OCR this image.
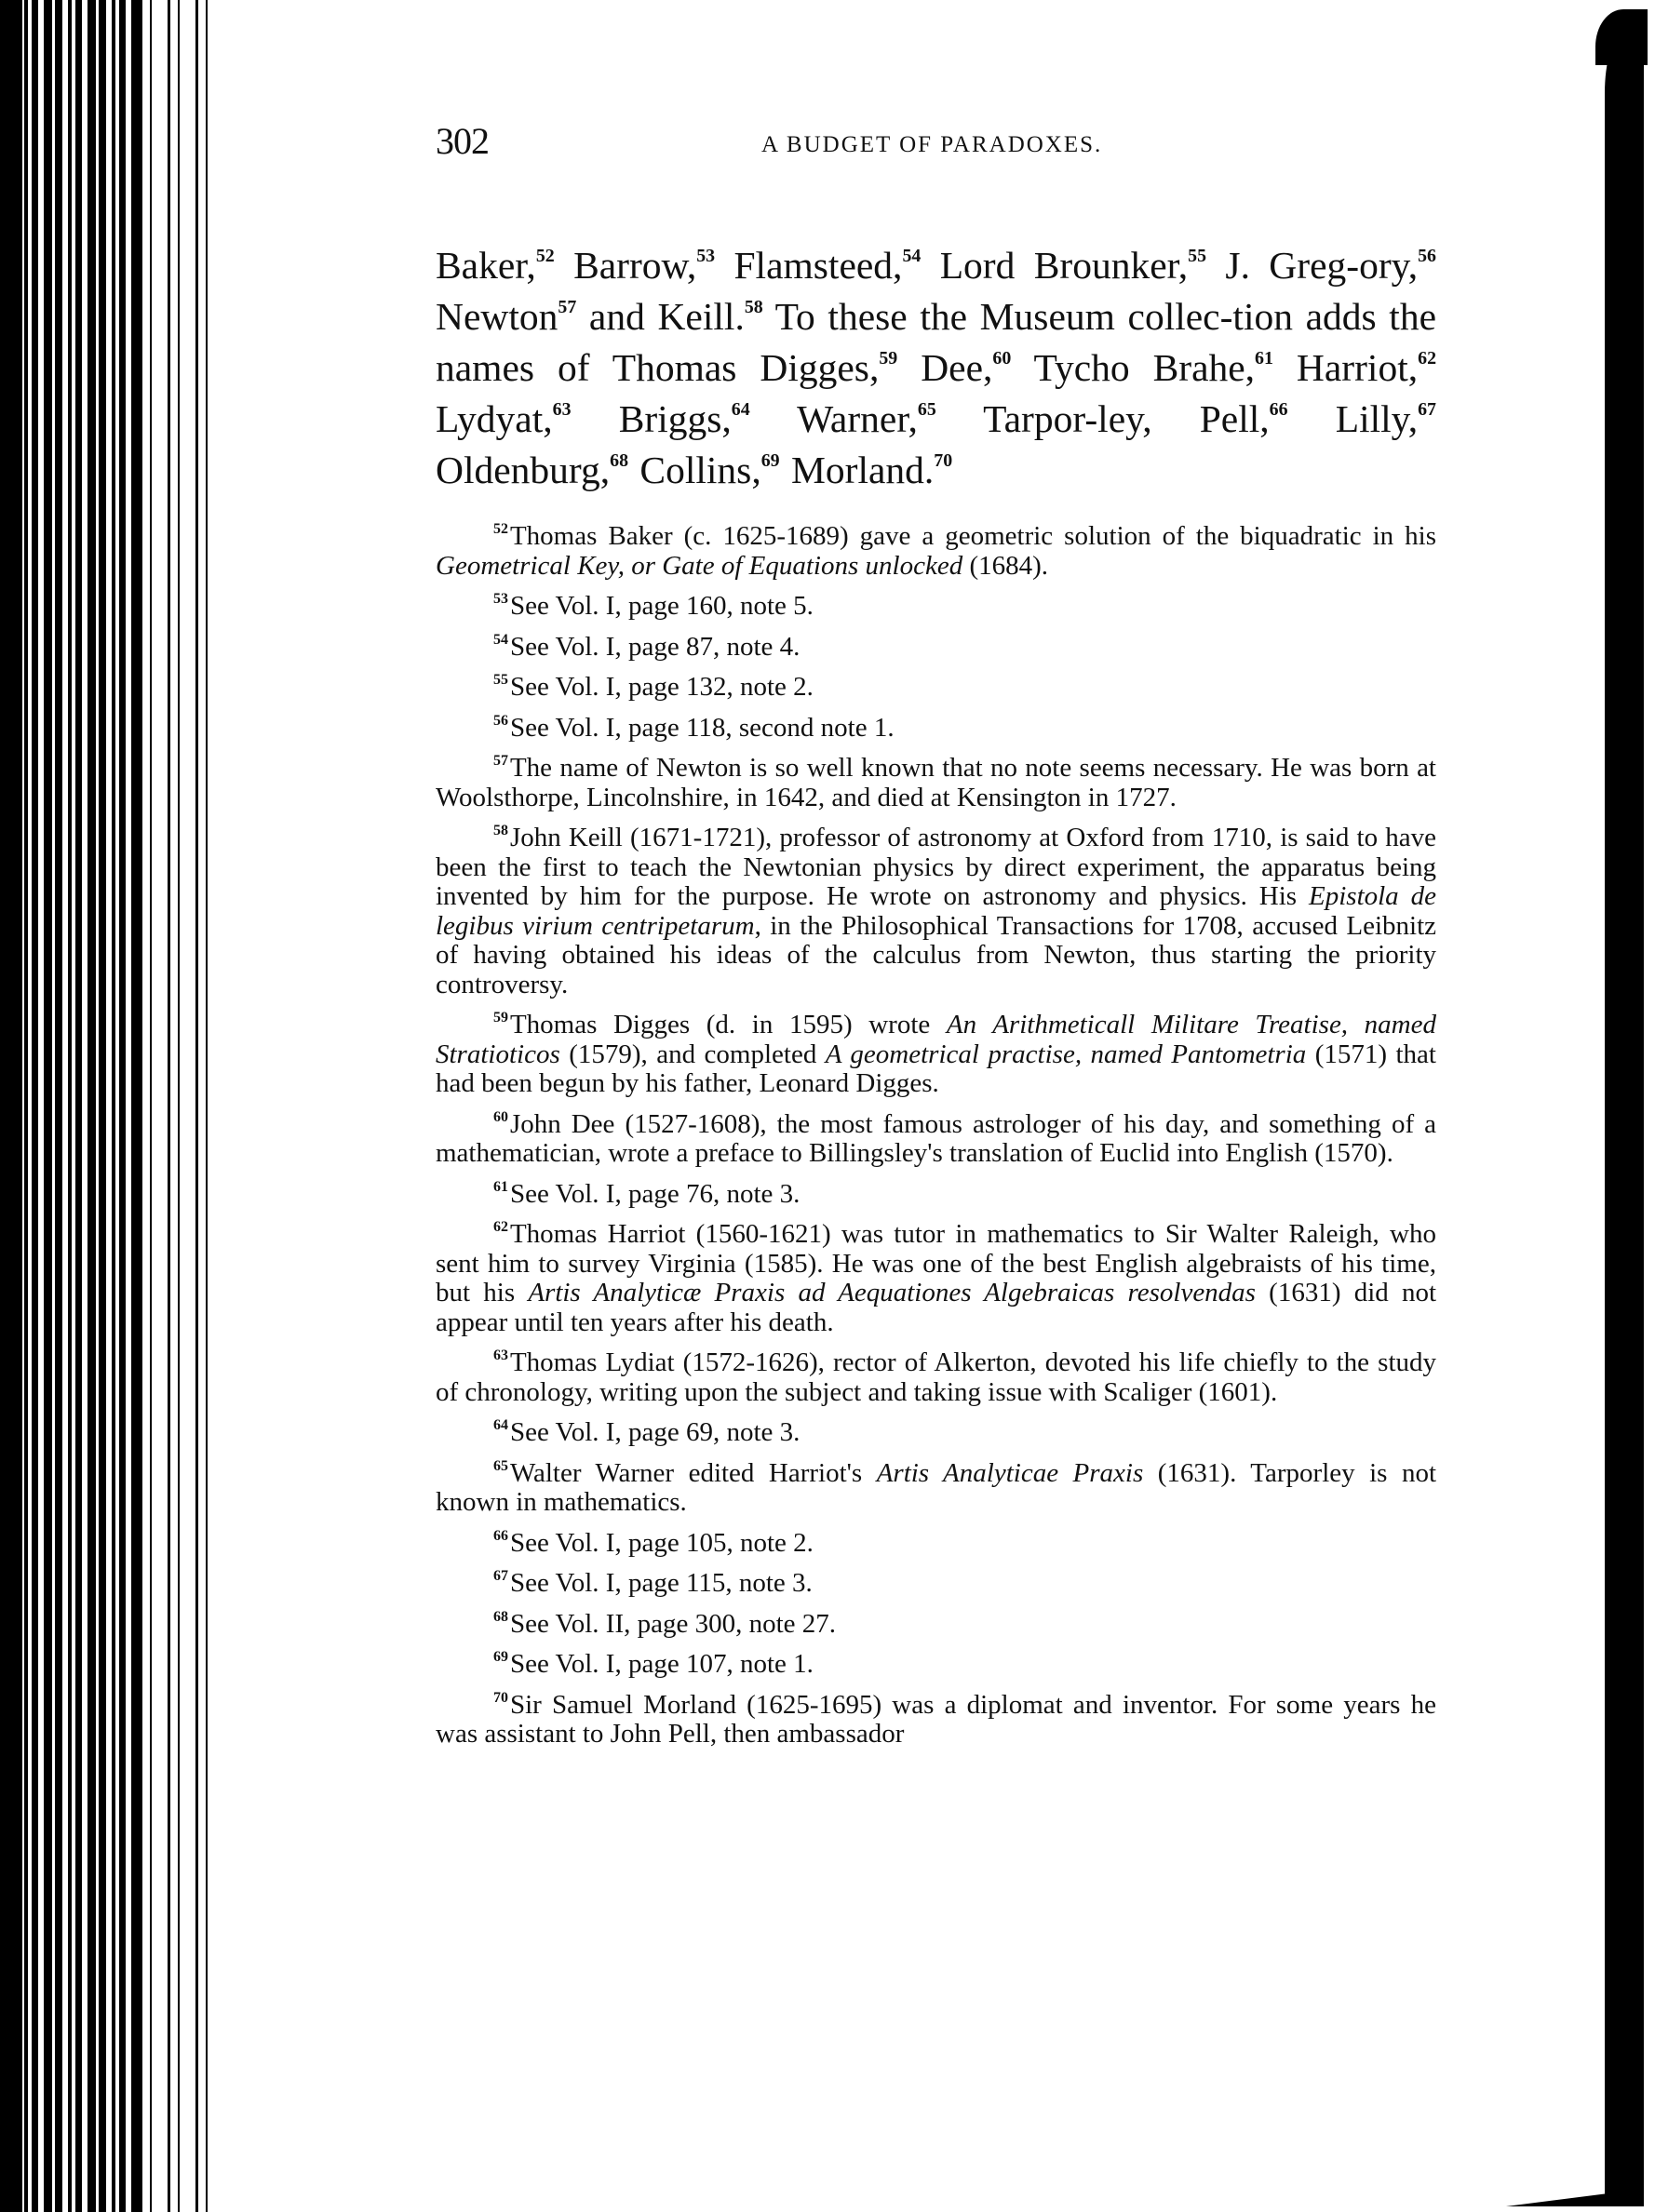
302	A BUDGET OF PARADOXES.
Baker,$^{52}$ Barrow,$^{53}$ Flamsteed,$^{54}$ Lord Brounker,$^{55}$ J. Greg-ory,$^{56}$ Newton$^{57}$ and Keill.$^{58}$ To these the Museum collec-tion adds the names of Thomas Digges,$^{59}$ Dee,$^{60}$ Tycho Brahe,$^{61}$ Harriot,$^{62}$ Lydyat,$^{63}$ Briggs,$^{64}$ Warner,$^{65}$ Tarpor-ley, Pell,$^{66}$ Lilly,$^{67}$ Oldenburg,$^{68}$ Collins,$^{69}$ Morland.$^{70}$

$^{52}$Thomas Baker (c. 1625-1689) gave a geometric solution of the biquadratic in his Geometrical Key, or Gate of Equations unlocked (1684).

$^{53}$See Vol. I, page 160, note 5.

$^{54}$See Vol. I, page 87, note 4.

$^{55}$See Vol. I, page 132, note 2.

$^{56}$See Vol. I, page 118, second note 1.

$^{57}$The name of Newton is so well known that no note seems necessary. He was born at Woolsthorpe, Lincolnshire, in 1642, and died at Kensington in 1727.

$^{58}$John Keill (1671-1721), professor of astronomy at Oxford from 1710, is said to have been the first to teach the Newtonian physics by direct experiment, the apparatus being invented by him for the purpose. He wrote on astronomy and physics. His Epistola de legibus virium centripetarum, in the Philosophical Transactions for 1708, accused Leibnitz of having obtained his ideas of the calculus from Newton, thus starting the priority controversy.

$^{59}$Thomas Digges (d. in 1595) wrote An Arithmeticall Militare Treatise, named Stratioticos (1579), and completed A geometrical practise, named Pantometria (1571) that had been begun by his father, Leonard Digges.

$^{60}$John Dee (1527-1608), the most famous astrologer of his day, and something of a mathematician, wrote a preface to Billingsley's translation of Euclid into English (1570).

$^{61}$See Vol. I, page 76, note 3.

$^{62}$Thomas Harriot (1560-1621) was tutor in mathematics to Sir Walter Raleigh, who sent him to survey Virginia (1585). He was one of the best English algebraists of his time, but his Artis Analyticæ Praxis ad Aequationes Algebraicas resolvendas (1631) did not appear until ten years after his death.

$^{63}$Thomas Lydiat (1572-1626), rector of Alkerton, devoted his life chiefly to the study of chronology, writing upon the subject and taking issue with Scaliger (1601).

$^{64}$See Vol. I, page 69, note 3.

$^{65}$Walter Warner edited Harriot's Artis Analyticae Praxis (1631). Tarporley is not known in mathematics.

$^{66}$See Vol. I, page 105, note 2.

$^{67}$See Vol. I, page 115, note 3.

$^{68}$See Vol. II, page 300, note 27.

$^{69}$See Vol. I, page 107, note 1.

$^{70}$Sir Samuel Morland (1625-1695) was a diplomat and inventor. For some years he was assistant to John Pell, then ambassador
